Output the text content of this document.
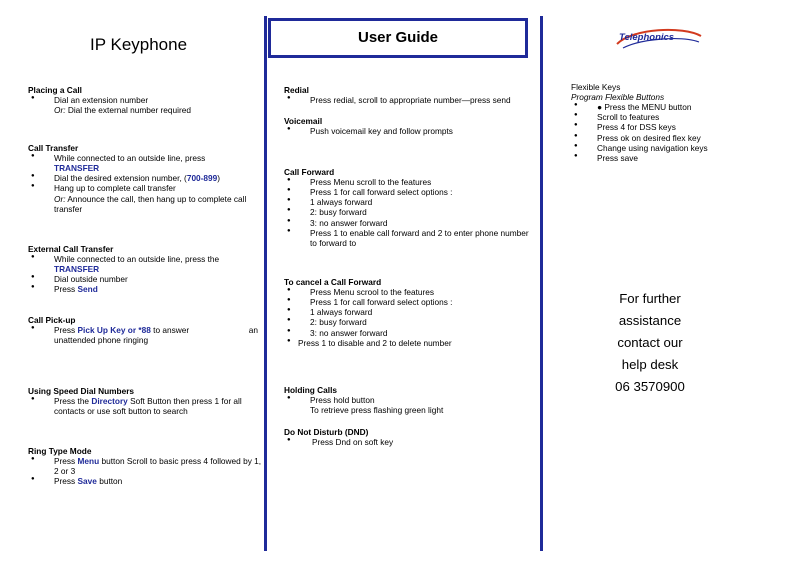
IP Keyphone
Placing a Call
● Dial an extension number
Or: Dial the external number required
Call Transfer
● While connected to an outside line, press
TRANSFER
● Dial the desired extension number, (700-899)
● Hang up to complete call transfer
Or: Announce the call, then hang up to complete call transfer
External Call Transfer
● While connected to an outside line, press the
TRANSFER
● Dial outside number
● Press Send
Call Pick-up
● Press Pick Up Key or *88 to answer	an

unattended phone ringing
Using Speed Dial Numbers
● Press the Directory Soft Button then press 1 for all contacts or use soft button to search
Ring Type Mode
● Press Menu button Scroll to basic press 4 followed by 1, 2 or 3
● Press Save button
User Guide
Redial
● Press redial, scroll to appropriate number—press send
Voicemail
● Push voicemail key and follow prompts
Call Forward
● Press Menu scroll to the features
● Press 1 for call forward select options :
● 1 always forward
● 2: busy forward
● 3: no answer forward
● Press 1 to enable call forward and 2 to enter phone number to forward to
To cancel a Call Forward
● Press Menu scrool to the features
● Press 1 for call forward select options :
● 1 always forward
● 2: busy forward
● 3: no answer forward
● Press 1 to disable and 2 to delete number
Holding Calls
● Press hold button
To retrieve press flashing green light
Do Not Disturb (DND)
● Press Dnd on soft key
Telephonics
Flexible Keys
Program Flexible Buttons
● ● Press the MENU button
● Scroll to features
● Press 4 for DSS keys
● Press ok on desired flex key
● Change using navigation keys
● Press save
For further
assistance
contact our
help desk
06 3570900
